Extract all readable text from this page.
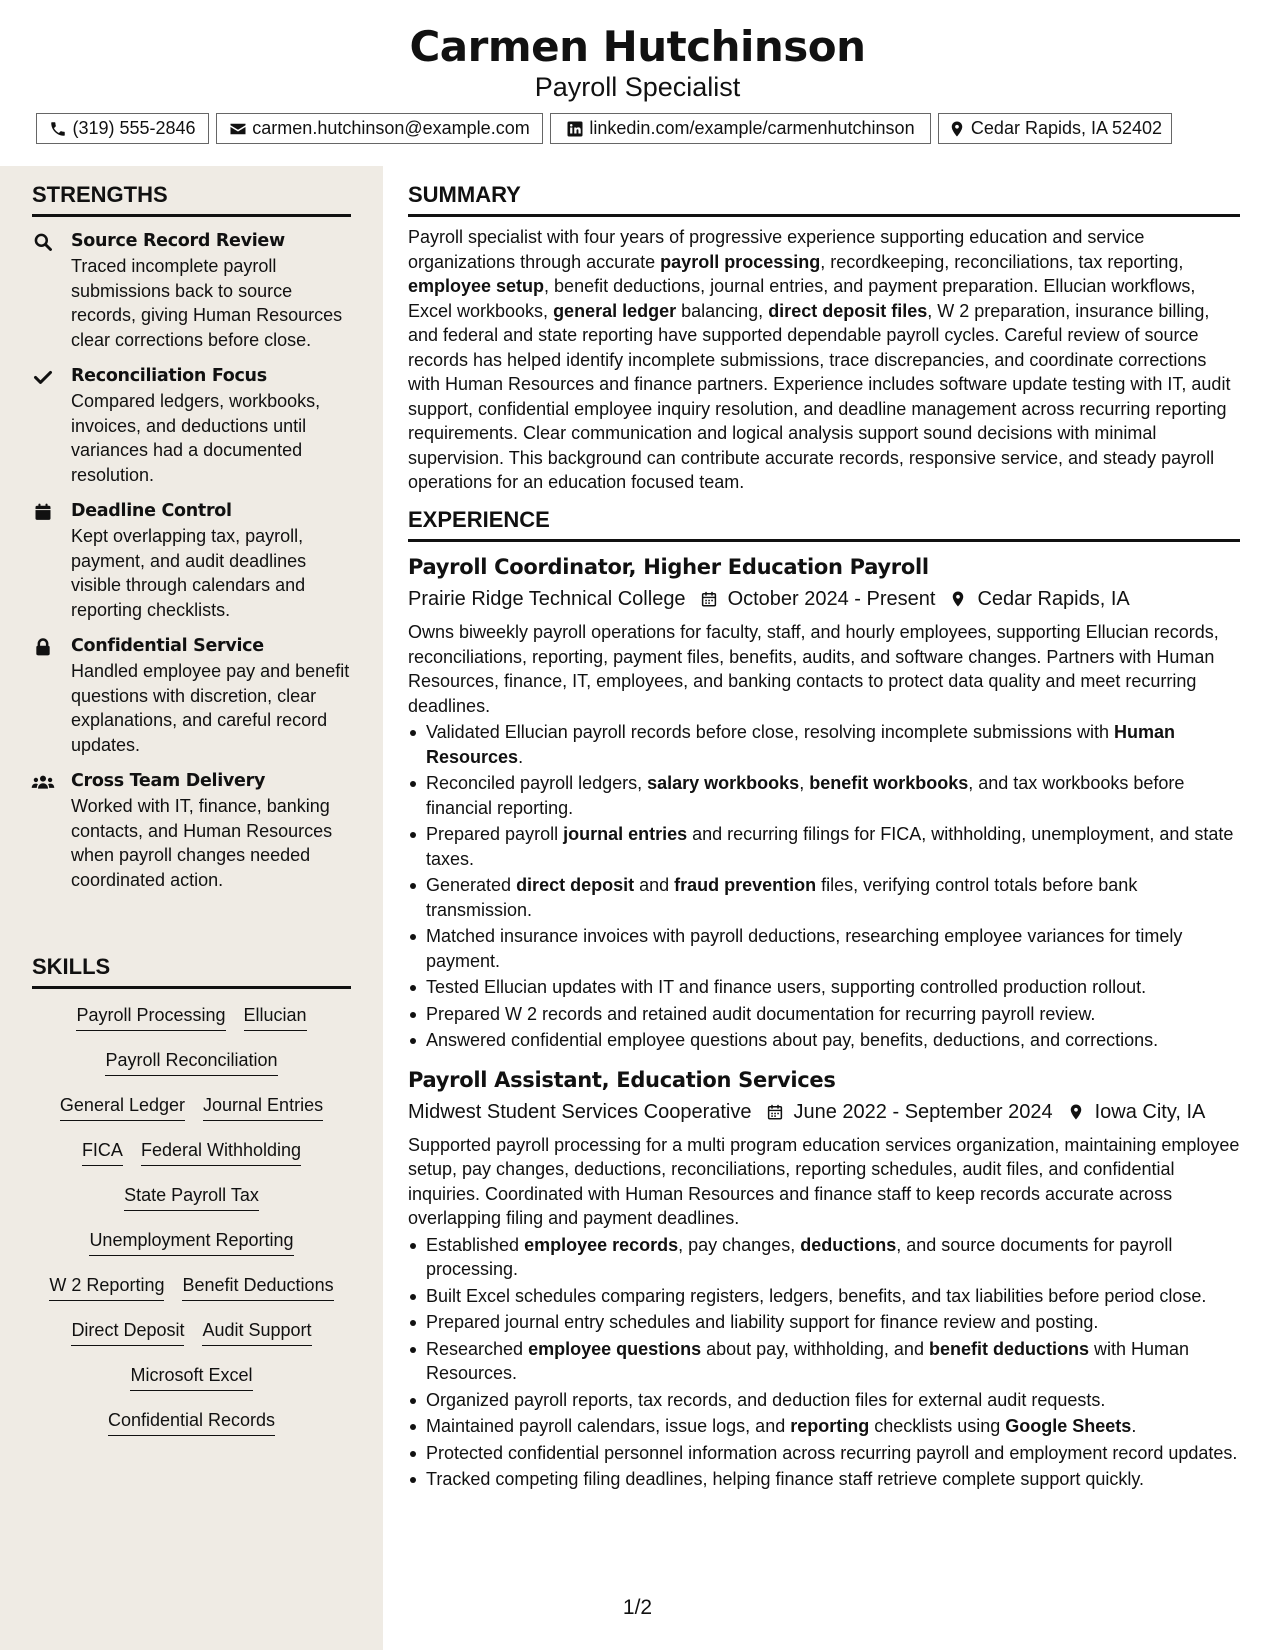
Carmen Hutchinson
Payroll Specialist
(319) 555-2846	carmen.hutchinson@example.com	linkedin.com/example/carmenhutchinson	Cedar Rapids, IA 52402
STRENGTHS
Source Record Review

Traced incomplete payroll submissions back to source records, giving Human Resources clear corrections before close.

Reconciliation Focus

Compared ledgers, workbooks, invoices, and deductions until variances had a documented resolution.

Deadline Control

Kept overlapping tax, payroll, payment, and audit deadlines visible through calendars and reporting checklists.

Confidential Service

Handled employee pay and benefit questions with discretion, clear explanations, and careful record updates.

Cross Team Delivery

Worked with IT, finance, banking contacts, and Human Resources when payroll changes needed coordinated action.

SKILLS
Payroll Processing Ellucian
Payroll Reconciliation
General Ledger Journal Entries
FICA Federal Withholding
State Payroll Tax
Unemployment Reporting
W 2 Reporting Benefit Deductions
Direct Deposit Audit Support
Microsoft Excel
Confidential Records
SUMMARY

Payroll specialist with four years of progressive experience supporting education and service organizations through accurate payroll processing, recordkeeping, reconciliations, tax reporting, employee setup, benefit deductions, journal entries, and payment preparation. Ellucian workflows, Excel workbooks, general ledger balancing, direct deposit files, W 2 preparation, insurance billing, and federal and state reporting have supported dependable payroll cycles. Careful review of source records has helped identify incomplete submissions, trace discrepancies, and coordinate corrections with Human Resources and finance partners. Experience includes software update testing with IT, audit support, confidential employee inquiry resolution, and deadline management across recurring reporting requirements. Clear communication and logical analysis support sound decisions with minimal supervision. This background can contribute accurate records, responsive service, and steady payroll operations for an education focused team.

EXPERIENCE
Payroll Coordinator, Higher Education Payroll
Prairie Ridge Technical College October 2024 - Present Cedar Rapids, IA

Owns biweekly payroll operations for faculty, staff, and hourly employees, supporting Ellucian records, reconciliations, reporting, payment files, benefits, audits, and software changes. Partners with Human Resources, finance, IT, employees, and banking contacts to protect data quality and meet recurring deadlines.

Validated Ellucian payroll records before close, resolving incomplete submissions with Human Resources.
Reconciled payroll ledgers, salary workbooks, benefit workbooks, and tax workbooks before financial reporting.
Prepared payroll journal entries and recurring filings for FICA, withholding, unemployment, and state taxes.
Generated direct deposit and fraud prevention files, verifying control totals before bank transmission.
Matched insurance invoices with payroll deductions, researching employee variances for timely payment.
Tested Ellucian updates with IT and finance users, supporting controlled production rollout.
Prepared W 2 records and retained audit documentation for recurring payroll review.
Answered confidential employee questions about pay, benefits, deductions, and corrections.
Payroll Assistant, Education Services
Midwest Student Services Cooperative June 2022 - September 2024 Iowa City, IA

Supported payroll processing for a multi program education services organization, maintaining employee setup, pay changes, deductions, reconciliations, reporting schedules, audit files, and confidential inquiries. Coordinated with Human Resources and finance staff to keep records accurate across overlapping filing and payment deadlines.

Established employee records, pay changes, deductions, and source documents for payroll processing.
Built Excel schedules comparing registers, ledgers, benefits, and tax liabilities before period close.
Prepared journal entry schedules and liability support for finance review and posting.
Researched employee questions about pay, withholding, and benefit deductions with Human Resources.
Organized payroll reports, tax records, and deduction files for external audit requests.
Maintained payroll calendars, issue logs, and reporting checklists using Google Sheets.
Protected confidential personnel information across recurring payroll and employment record updates.
Tracked competing filing deadlines, helping finance staff retrieve complete support quickly.
1/2
